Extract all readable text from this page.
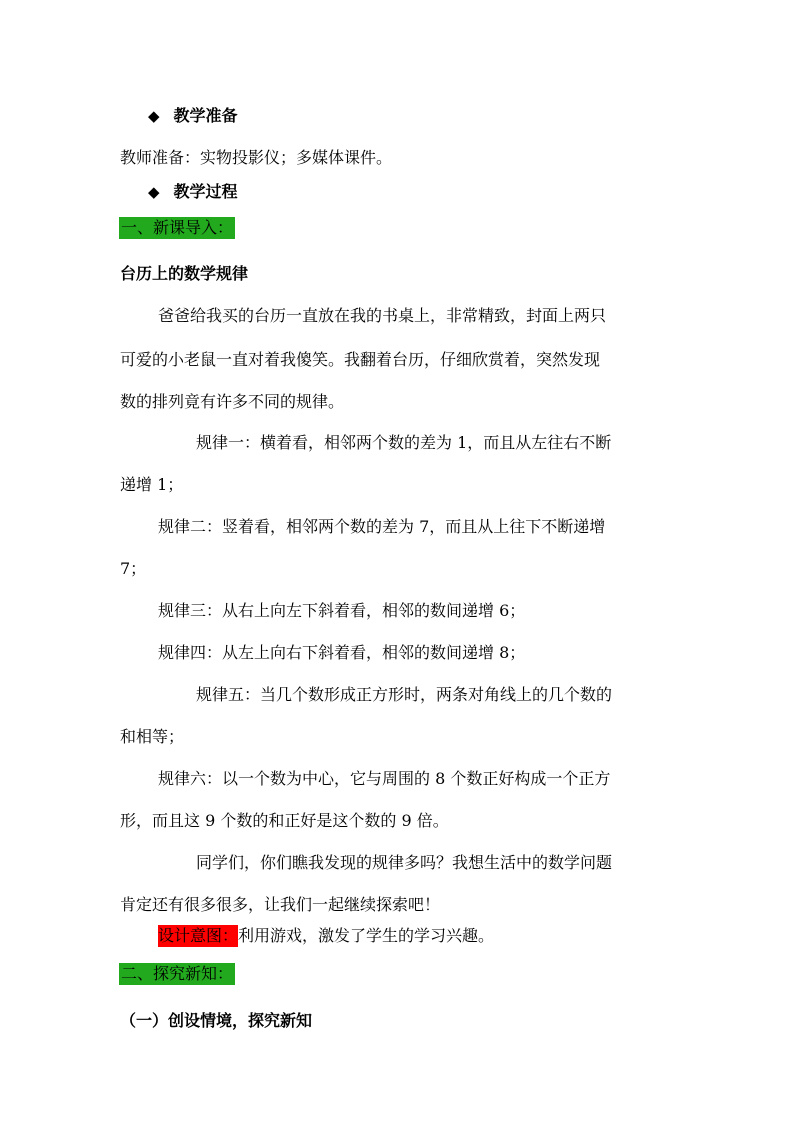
◆ 教学准备
教师准备：实物投影仪；多媒体课件。
◆ 教学过程
一、新课导入：
台历上的数学规律
爸爸给我买的台历一直放在我的书桌上，非常精致，封面上两只
可爱的小老鼠一直对着我傻笑。我翻着台历，仔细欣赏着，突然发现
数的排列竟有许多不同的规律。
规律一：横着看，相邻两个数的差为 1，而且从左往右不断
递增 1；
规律二：竖着看，相邻两个数的差为 7，而且从上往下不断递增
7；
规律三：从右上向左下斜着看，相邻的数间递增 6；
规律四：从左上向右下斜着看，相邻的数间递增 8；
规律五：当几个数形成正方形时，两条对角线上的几个数的
和相等；
规律六：以一个数为中心，它与周围的 8 个数正好构成一个正方
形，而且这 9 个数的和正好是这个数的 9 倍。
同学们，你们瞧我发现的规律多吗？我想生活中的数学问题
肯定还有很多很多，让我们一起继续探索吧！
设计意图：利用游戏，激发了学生的学习兴趣。
二、探究新知：
（一）创设情境，探究新知
